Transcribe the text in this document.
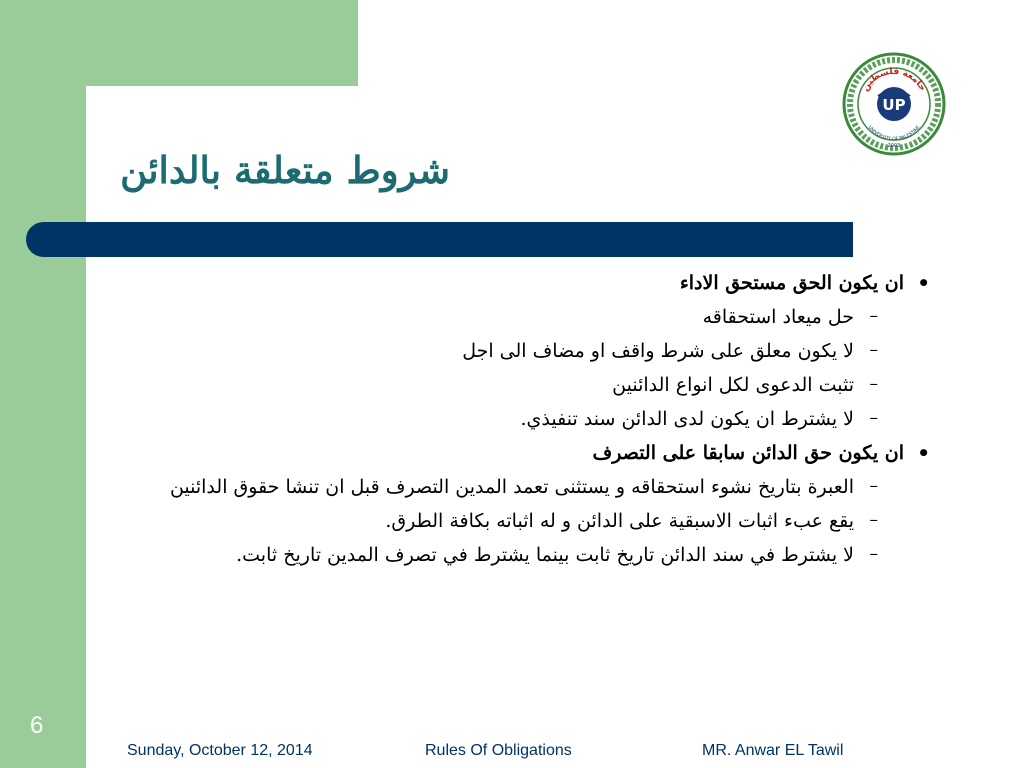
شروط متعلقة بالدائن
جامعة فلسطين
UNIVERSITY OF PALESTINE
UP
2003
•
ان يكون الحق مستحق الاداء
–
حل ميعاد استحقاقه
–
لا يكون معلق على شرط واقف او مضاف الى اجل
–
تثبت الدعوى لكل انواع الدائنين
–
لا يشترط ان يكون لدى الدائن سند تنفيذي.
•
ان يكون حق الدائن سابقا على التصرف
–
العبرة بتاريخ نشوء استحقاقه و يستثنى تعمد المدين التصرف قبل ان تنشا حقوق الدائنين
–
يقع عبء اثبات الاسبقية على الدائن و له اثباته بكافة الطرق.
–
لا يشترط في سند الدائن تاريخ ثابت بينما يشترط في تصرف المدين تاريخ ثابت.
6
Sunday, October 12, 2014	Rules Of Obligations	MR. Anwar EL Tawil
